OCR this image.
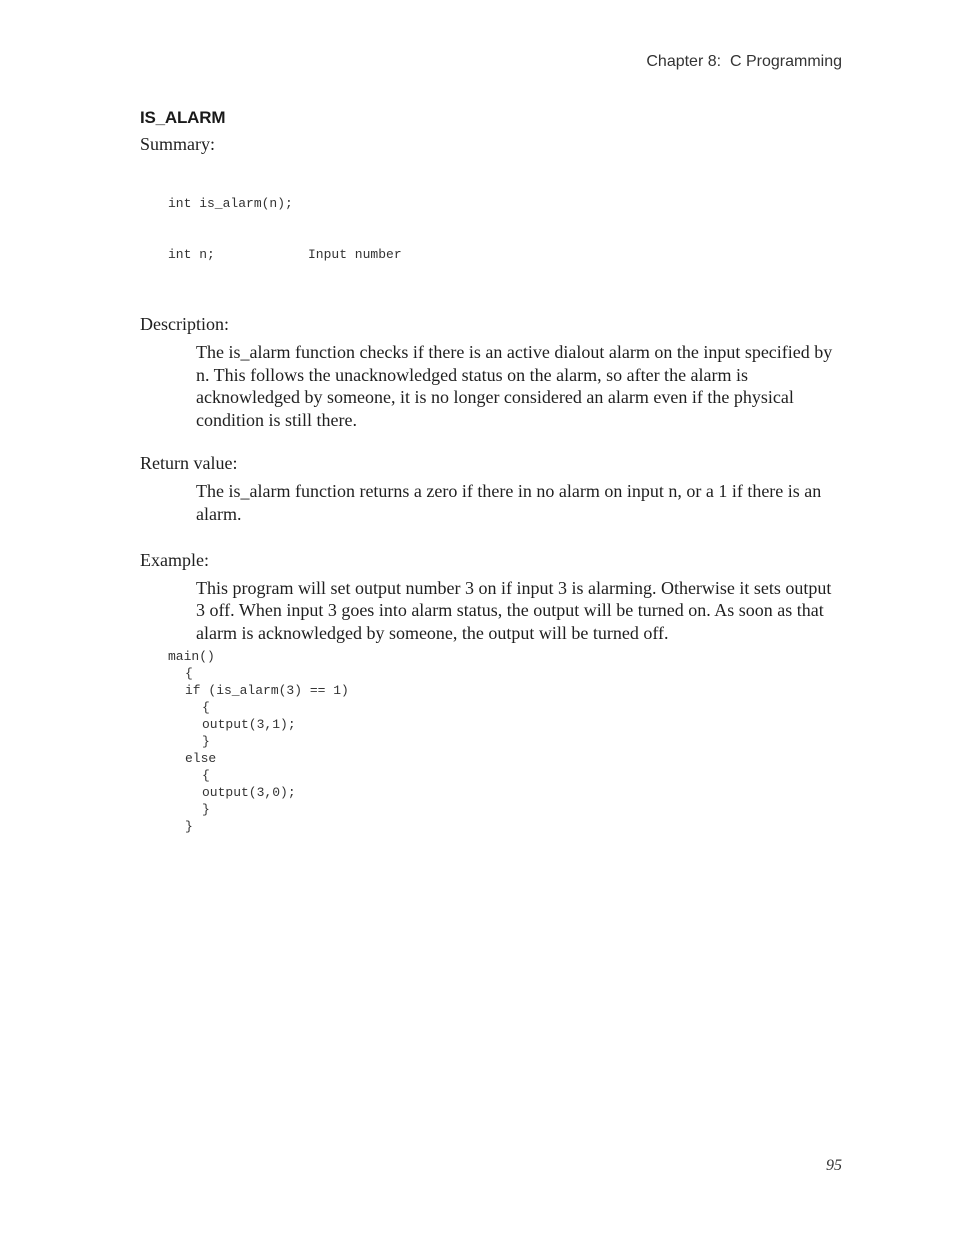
Chapter 8:  C Programming
IS_ALARM

Summary:

int is_alarm(n);

int n;	Input number

Description:

The is_alarm function checks if there is an active dialout alarm on the input specified by n. This follows the unacknowledged status on the alarm, so after the alarm is acknowledged by someone, it is no longer considered an alarm even if the physical condition is still there.

Return value:

The is_alarm function returns a zero if there in no alarm on input n, or a 1 if there is an alarm.

Example:

This program will set output number 3 on if input 3 is alarming. Otherwise it sets output 3 off. When input 3 goes into alarm status, the output will be turned on. As soon as that alarm is acknowledged by someone, the output will be turned off.

main()
{
if (is_alarm(3) == 1)
{
output(3,1);
}
else
{
output(3,0);
}
}
95
